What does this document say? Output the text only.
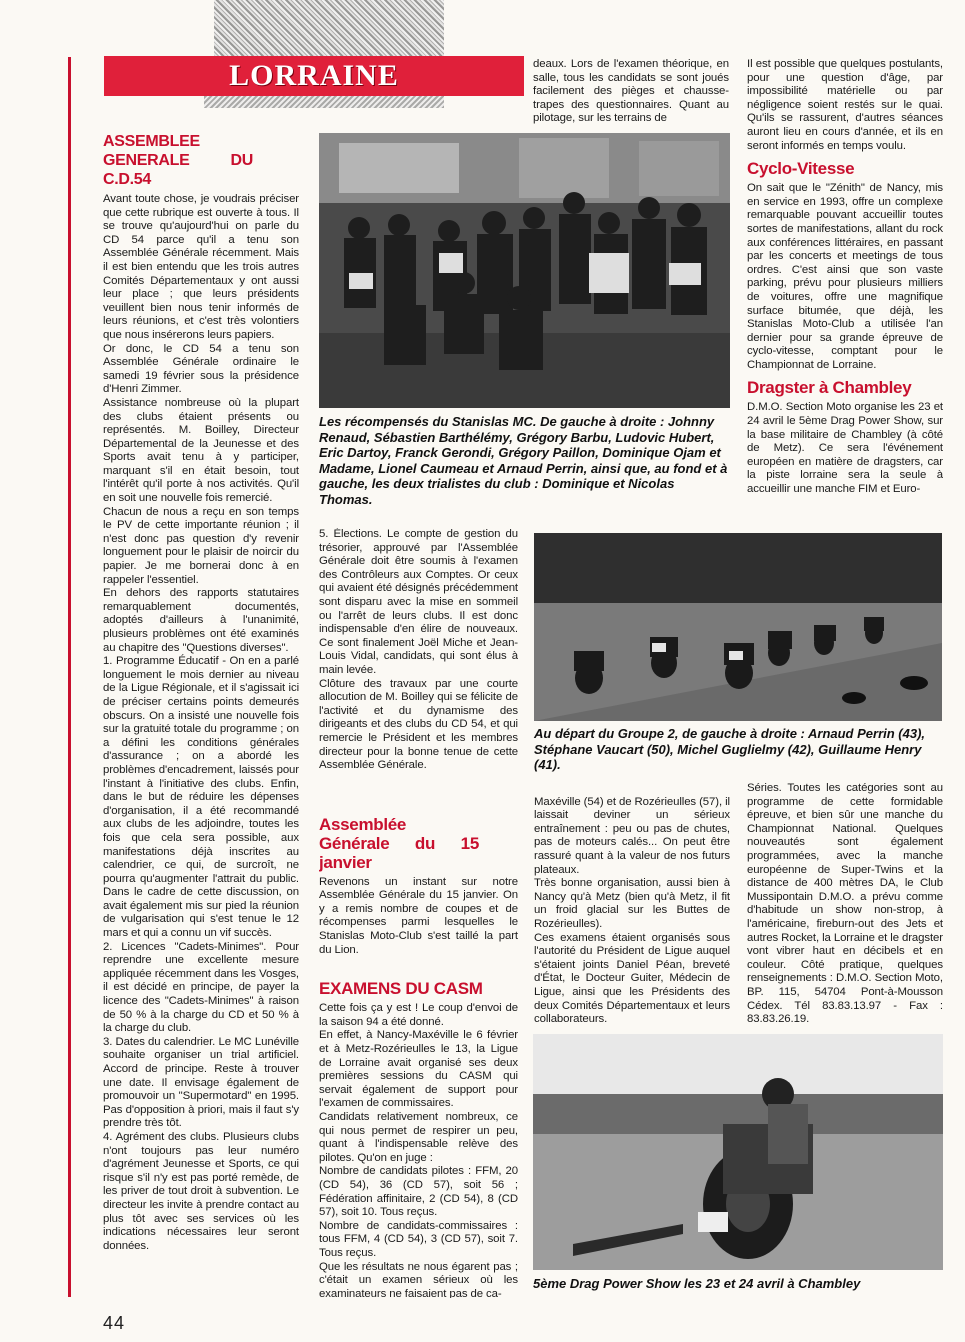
LORRAINE
ASSEMBLEE GENERALE DU C.D.54

Avant toute chose, je voudrais préciser que cette rubrique est ouverte à tous. Il se trouve qu'aujourd'hui on parle du CD 54 parce qu'il a tenu son Assemblée Générale récemment. Mais il est bien entendu que les trois autres Comités Départementaux y ont aussi leur place ; que leurs présidents veuillent bien nous tenir informés de leurs réunions, et c'est très volontiers que nous insérerons leurs papiers.

Or donc, le CD 54 a tenu son Assemblée Générale ordinaire le samedi 19 février sous la présidence d'Henri Zimmer.

Assistance nombreuse où la plupart des clubs étaient présents ou représentés. M. Boilley, Directeur Départemental de la Jeunesse et des Sports avait tenu à y participer, marquant s'il en était besoin, tout l'intérêt qu'il porte à nos activités. Qu'il en soit une nouvelle fois remercié.

Chacun de nous a reçu en son temps le PV de cette importante réunion ; il n'est donc pas question d'y revenir longuement pour le plaisir de noircir du papier. Je me bornerai donc à en rappeler l'essentiel.

En dehors des rapports statutaires remarquablement documentés, adoptés d'ailleurs à l'unanimité, plusieurs problèmes ont été examinés au chapitre des "Questions diverses".

1. Programme Éducatif - On en a parlé longuement le mois dernier au niveau de la Ligue Régionale, et il s'agissait ici de préciser certains points demeurés obscurs. On a insisté une nouvelle fois sur la gratuité totale du programme ; on a défini les conditions générales d'assurance ; on a abordé les problèmes d'encadrement, laissés pour l'instant à l'initiative des clubs. Enfin, dans le but de réduire les dépenses d'organisation, il a été recommandé aux clubs de les adjoindre, toutes les fois que cela sera possible, aux manifestations déjà inscrites au calendrier, ce qui, de surcroît, ne pourra qu'augmenter l'attrait du public. Dans le cadre de cette discussion, on avait également mis sur pied la réunion de vulgarisation qui s'est tenue le 12 mars et qui a connu un vif succès.

2. Licences "Cadets-Minimes". Pour reprendre une excellente mesure appliquée récemment dans les Vosges, il est décidé en principe, de payer la licence des "Cadets-Minimes" à raison de 50 % à la charge du CD et 50 % à la charge du club.

3. Dates du calendrier. Le MC Lunéville souhaite organiser un trial artificiel. Accord de principe. Reste à trouver une date. Il envisage également de promouvoir un "Supermotard" en 1995. Pas d'opposition à priori, mais il faut s'y prendre très tôt.

4. Agrément des clubs. Plusieurs clubs n'ont toujours pas leur numéro d'agrément Jeunesse et Sports, ce qui risque s'il n'y est pas porté remède, de les priver de tout droit à subvention. Le directeur les invite à prendre contact au plus tôt avec ses services où les indications nécessaires leur seront données.

deaux. Lors de l'examen théorique, en salle, tous les candidats se sont joués facilement des pièges et chausse-trapes des questionnaires. Quant au pilotage, sur les terrains de

Il est possible que quelques postulants, pour une question d'âge, par impossibilité matérielle ou par négligence soient restés sur le quai. Qu'ils se rassurent, d'autres séances auront lieu en cours d'année, et ils en seront informés en temps voulu.

Cyclo-Vitesse

On sait que le "Zénith" de Nancy, mis en service en 1993, offre un complexe remarquable pouvant accueillir toutes sortes de manifestations, allant du rock aux conférences littéraires, en passant par les concerts et meetings de tous ordres. C'est ainsi que son vaste parking, prévu pour plusieurs milliers de voitures, offre une magnifique surface bitumée, que déjà, les Stanislas Moto-Club a utilisée l'an dernier pour sa grande épreuve de cyclo-vitesse, comptant pour le Championnat de Lorraine.

Dragster à Chambley

D.M.O. Section Moto organise les 23 et 24 avril le 5ème Drag Power Show, sur la base militaire de Chambley (à côté de Metz). Ce sera l'événement européen en matière de dragsters, car la piste lorraine sera la seule à accueillir une manche FIM et Euro-

Les récompensés du Stanislas MC. De gauche à droite : Johnny Renaud, Sébastien Barthélémy, Grégory Barbu, Ludovic Hubert, Eric Dartoy, Franck Gerondi, Grégory Paillon, Dominique Ojam et Madame, Lionel Caumeau et Arnaud Perrin, ainsi que, au fond et à gauche, les deux trialistes du club : Dominique et Nicolas Thomas.

5. Élections. Le compte de gestion du trésorier, approuvé par l'Assemblée Générale doit être soumis à l'examen des Contrôleurs aux Comptes. Or ceux qui avaient été désignés précédemment sont disparu avec la mise en sommeil ou l'arrêt de leurs clubs. Il est donc indispensable d'en élire de nouveaux. Ce sont finalement Joël Miche et Jean-Louis Vidal, candidats, qui sont élus à main levée.

Clôture des travaux par une courte allocution de M. Boilley qui se félicite de l'activité et du dynamisme des dirigeants et des clubs du CD 54, et qui remercie le Président et les membres directeur pour la bonne tenue de cette Assemblée Générale.

Assemblée Générale du 15 janvier

Revenons un instant sur notre Assemblée Générale du 15 janvier. On y a remis nombre de coupes et de récompenses parmi lesquelles le Stanislas Moto-Club s'est taillé la part du Lion.

EXAMENS DU CASM

Cette fois ça y est ! Le coup d'envoi de la saison 94 a été donné.

En effet, à Nancy-Maxéville le 6 février et à Metz-Rozérieulles le 13, la Ligue de Lorraine avait organisé ses deux premières sessions du CASM qui servait également de support pour l'examen de commissaires.

Candidats relativement nombreux, ce qui nous permet de respirer un peu, quant à l'indispensable relève des pilotes. Qu'on en juge :

Nombre de candidats pilotes : FFM, 20 (CD 54), 36 (CD 57), soit 56 ; Fédération affinitaire, 2 (CD 54), 8 (CD 57), soit 10. Tous reçus.

Nombre de candidats-commissaires : tous FFM, 4 (CD 54), 3 (CD 57), soit 7. Tous reçus.

Que les résultats ne nous égarent pas ; c'était un examen sérieux où les examinateurs ne faisaient pas de ca-

Au départ du Groupe 2, de gauche à droite : Arnaud Perrin (43), Stéphane Vaucart (50), Michel Guglielmy (42), Guillaume Henry (41).

Maxéville (54) et de Rozérieulles (57), il laissait deviner un sérieux entraînement : peu ou pas de chutes, pas de moteurs calés... On peut être rassuré quant à la valeur de nos futurs plateaux.
Très bonne organisation, aussi bien à Nancy qu'à Metz (bien qu'à Metz, il fit un froid glacial sur les Buttes de Rozérieulles).
Ces examens étaient organisés sous l'autorité du Président de Ligue auquel s'étaient joints Daniel Péan, breveté d'État, le Docteur Guiter, Médecin de Ligue, ainsi que les Présidents des deux Comités Départementaux et leurs collaborateurs.

Séries. Toutes les catégories sont au programme de cette formidable épreuve, et bien sûr une manche du Championnat National. Quelques nouveautés sont également programmées, avec la manche européenne de Super-Twins et la distance de 400 mètres DA, le Club Mussipontain D.M.O. a prévu comme d'habitude un show non-strop, à l'américaine, fireburn-out des Jets et autres Rocket, la Lorraine et le dragster vont vibrer haut en décibels et en couleur. Côté pratique, quelques renseignements : D.M.O. Section Moto, BP. 115, 54704 Pont-à-Mousson Cédex. Tél 83.83.13.97 - Fax : 83.83.26.19.

5ème Drag Power Show les 23 et 24 avril à Chambley
44
